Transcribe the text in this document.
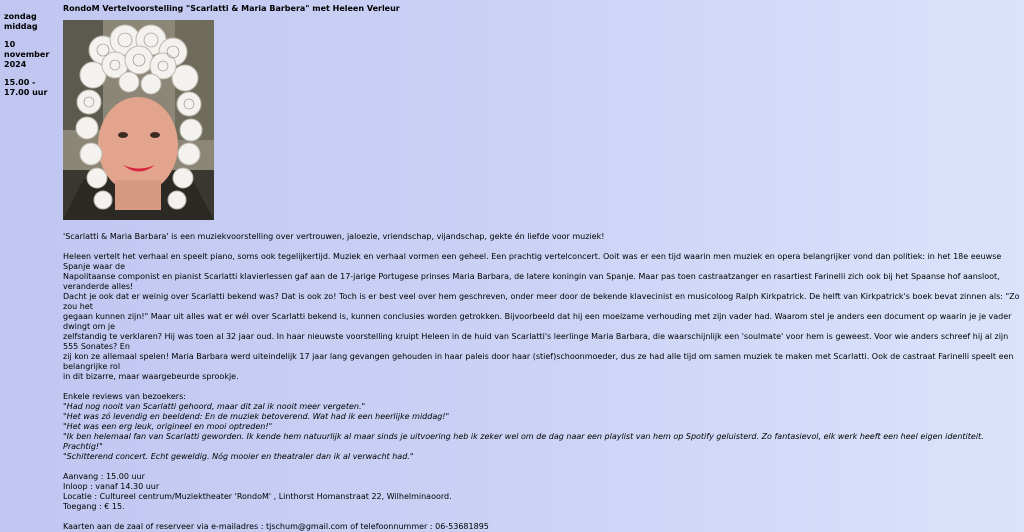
zondag
middag
10
november
2024
15.00 -
17.00 uur
RondoM Vertelvoorstelling "Scarlatti & Maria Barbera" met Heleen Verleur

'Scarlatti & Maria Barbara' is een muziekvoorstelling over vertrouwen, jaloezie, vriendschap, vijandschap, gekte én liefde voor muziek!

Heleen vertelt het verhaal en speelt piano, soms ook tegelijkertijd. Muziek en verhaal vormen een geheel. Een prachtig vertelconcert. Ooit was er een tijd waarin men muziek en opera belangrijker vond dan politiek: in het 18e eeuwse Spanje waar de

Napolitaanse componist en pianist Scarlatti klavierlessen gaf aan de 17-jarige Portugese prinses Maria Barbara, de latere koningin van Spanje. Maar pas toen castraatzanger en rasartiest Farinelli zich ook bij het Spaanse hof aansloot, veranderde alles!

Dacht je ook dat er weinig over Scarlatti bekend was? Dat is ook zo! Toch is er best veel over hem geschreven, onder meer door de bekende klavecinist en musicoloog Ralph Kirkpatrick. De helft van Kirkpatrick's boek bevat zinnen als: "Zo zou het

gegaan kunnen zijn!" Maar uit alles wat er wél over Scarlatti bekend is, kunnen conclusies worden getrokken. Bijvoorbeeld dat hij een moeizame verhouding met zijn vader had. Waarom stel je anders een document op waarin je je vader dwingt om je

zelfstandig te verklaren? Hij was toen al 32 jaar oud. In haar nieuwste voorstelling kruipt Heleen in de huid van Scarlatti's leerlinge Maria Barbara, die waarschijnlijk een 'soulmate' voor hem is geweest. Voor wie anders schreef hij al zijn 555 Sonates? En

zij kon ze allemaal spelen! Maria Barbara werd uiteindelijk 17 jaar lang gevangen gehouden in haar paleis door haar (stief)schoonmoeder, dus ze had alle tijd om samen muziek te maken met Scarlatti. Ook de castraat Farinelli speelt een belangrijke rol

in dit bizarre, maar waargebeurde sprookje.

Enkele reviews van bezoekers:

"Had nog nooit van Scarlatti gehoord, maar dit zal ik nooit meer vergeten."

"Het was zó levendig en beeldend: En de muziek betoverend. Wat had ik een heerlijke middag!"

"Het was een erg leuk, origineel en mooi optreden!"

"Ik ben helemaal fan van Scarlatti geworden. Ik kende hem natuurlijk al maar sinds je uitvoering heb ik zeker wel om de dag naar een playlist van hem op Spotify geluisterd. Zo fantasievol, elk werk heeft een heel eigen identiteit. Prachtig!"

"Schitterend concert. Echt geweldig. Nóg mooier en theatraler dan ik al verwacht had."

Aanvang : 15.00 uur

Inloop : vanaf 14.30 uur

Locatie : Cultureel centrum/Muziektheater 'RondoM' , Linthorst Homanstraat 22, Wilhelminaoord.

Toegang : € 15.

Kaarten aan de zaal of reserveer via e-mailadres : tjschum@gmail.com of telefoonnummer : 06-53681895
